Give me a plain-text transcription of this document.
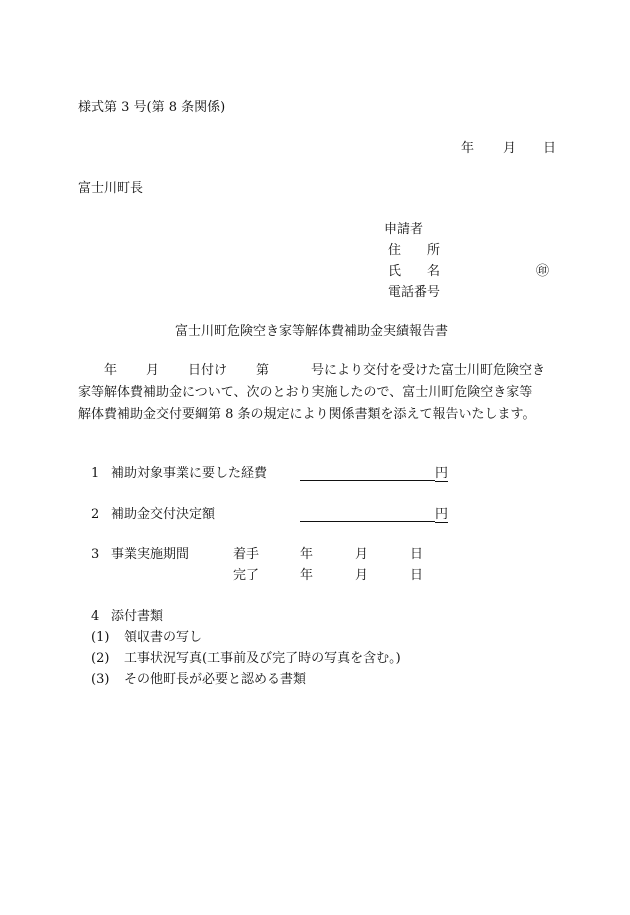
様式第 3 号(第 8 条関係)
年 月 日
富士川町長
申請者
住　　所
氏　　名	㊞
電話番号
富士川町危険空き家等解体費補助金実績報告書
年 月 日付け 第	号により交付を受けた富士川町危険空き
家等解体費補助金について、次のとおり実施したので、富士川町危険空き家等
解体費補助金交付要綱第 8 条の規定により関係書類を添えて報告いたします。
1 補助対象事業に要した経費	円
2 補助金交付決定額	円
3 事業実施期間	着手	年	月	日
完了	年	月	日
4 添付書類
(1) 領収書の写し
(2) 工事状況写真(工事前及び完了時の写真を含む。)
(3) その他町長が必要と認める書類
